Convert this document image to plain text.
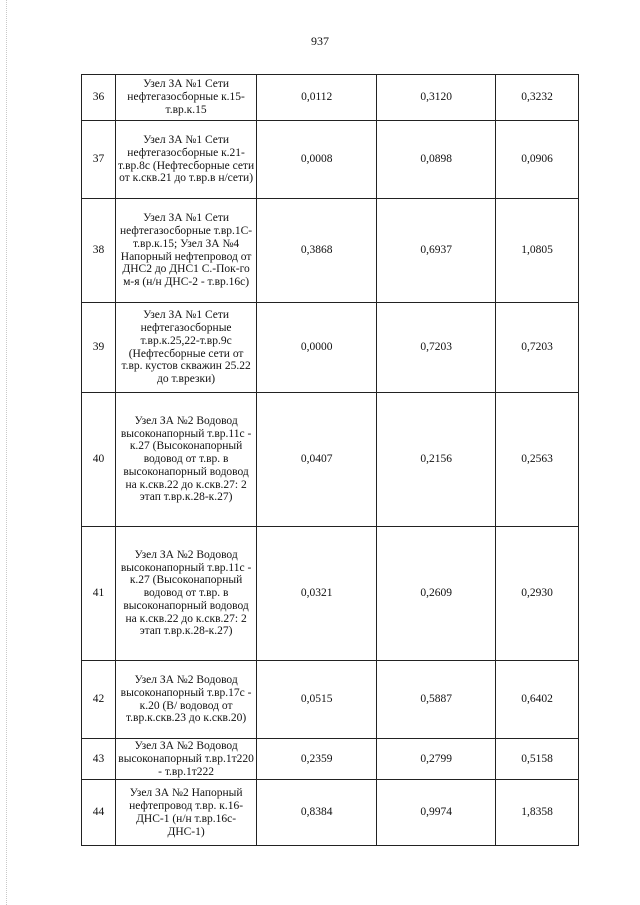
937
36	Узел ЗА №1 Сети нефтегазосборные к.15-т.вр.к.15	0,0112	0,3120	0,3232
37	Узел ЗА №1 Сети нефтегазосборные к.21-т.вр.8с (Нефтесборные сети от к.скв.21 до т.вр.в н/сети)	0,0008	0,0898	0,0906
38	Узел ЗА №1 Сети нефтегазосборные т.вр.1С-т.вр.к.15; Узел ЗА №4 Напорный нефтепровод от ДНС2 до ДНС1 С.-Пок-го м-я (н/н ДНС-2 - т.вр.16с)	0,3868	0,6937	1,0805
39	Узел ЗА №1 Сети нефтегазосборные т.вр.к.25,22-т.вр.9с (Нефтесборные сети от т.вр. кустов скважин 25.22 до т.врезки)	0,0000	0,7203	0,7203
40	Узел ЗА №2 Водовод высоконапорный т.вр.11с - к.27 (Высоконапорный водовод от т.вр. в высоконапорный водовод на к.скв.22 до к.скв.27: 2 этап т.вр.к.28-к.27)	0,0407	0,2156	0,2563
41	Узел ЗА №2 Водовод высоконапорный т.вр.11с - к.27 (Высоконапорный водовод от т.вр. в высоконапорный водовод на к.скв.22 до к.скв.27: 2 этап т.вр.к.28-к.27)	0,0321	0,2609	0,2930
42	Узел ЗА №2 Водовод высоконапорный т.вр.17с - к.20 (В/ водовод от т.вр.к.скв.23 до к.скв.20)	0,0515	0,5887	0,6402
43	Узел ЗА №2 Водовод высоконапорный т.вр.1т220 - т.вр.1т222	0,2359	0,2799	0,5158
44	Узел ЗА №2 Напорный нефтепровод т.вр. к.16-ДНС-1 (н/н т.вр.16с-ДНС-1)	0,8384	0,9974	1,8358
